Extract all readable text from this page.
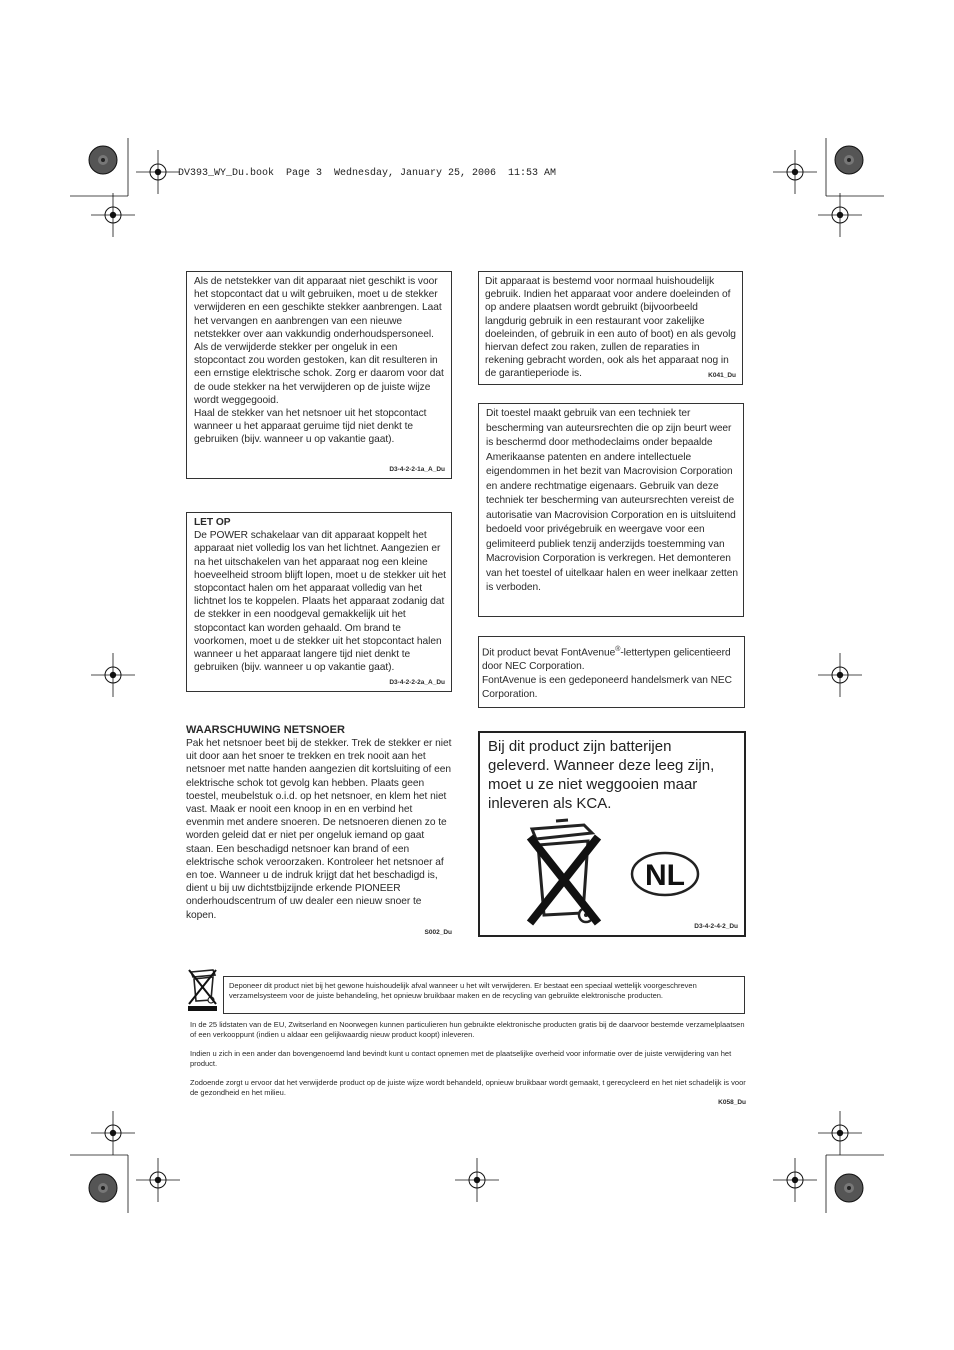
DV393_WY_Du.book  Page 3  Wednesday, January 25, 2006  11:53 AM

Als de netstekker van dit apparaat niet geschikt is voor het stopcontact dat u wilt gebruiken, moet u de stekker verwijderen en een geschikte stekker aanbrengen. Laat het vervangen en aanbrengen van een nieuwe netstekker over aan vakkundig onderhoudspersoneel. Als de verwijderde stekker per ongeluk in een stopcontact zou worden gestoken, kan dit resulteren in een ernstige elektrische schok. Zorg er daarom voor dat de oude stekker na het verwijderen op de juiste wijze wordt weggegooid.

Haal de stekker van het netsnoer uit het stopcontact wanneer u het apparaat geruime tijd niet denkt te gebruiken (bijv. wanneer u op vakantie gaat).

D3-4-2-2-1a_A_Du

LET OP

De POWER schakelaar van dit apparaat koppelt het apparaat niet volledig los van het lichtnet. Aangezien er na het uitschakelen van het apparaat nog een kleine hoeveelheid stroom blijft lopen, moet u de stekker uit het stopcontact halen om het apparaat volledig van het lichtnet los te koppelen. Plaats het apparaat zodanig dat de stekker in een noodgeval gemakkelijk uit het stopcontact kan worden gehaald. Om brand te voorkomen, moet u de stekker uit het stopcontact halen wanneer u het apparaat langere tijd niet denkt te gebruiken (bijv. wanneer u op vakantie gaat).

D3-4-2-2-2a_A_Du

WAARSCHUWING NETSNOER

Pak het netsnoer beet bij de stekker. Trek de stekker er niet uit door aan het snoer te trekken en trek nooit aan het netsnoer met natte handen aangezien dit kortsluiting of een elektrische schok tot gevolg kan hebben. Plaats geen toestel, meubelstuk o.i.d. op het netsnoer, en klem het niet vast. Maak er nooit een knoop in en en verbind het evenmin met andere snoeren. De netsnoeren dienen zo te worden geleid dat er niet per ongeluk iemand op gaat staan. Een beschadigd netsnoer kan brand of een elektrische schok veroorzaken. Kontroleer het netsnoer af en toe. Wanneer u de indruk krijgt dat het beschadigd is, dient u bij uw dichtstbijzijnde erkende PIONEER onderhoudscentrum of uw dealer een nieuw snoer te kopen.

S002_Du

Dit apparaat is bestemd voor normaal huishoudelijk gebruik. Indien het apparaat voor andere doeleinden of op andere plaatsen wordt gebruikt (bijvoorbeeld langdurig gebruik in een restaurant voor zakelijke doeleinden, of gebruik in een auto of boot) en als gevolg hiervan defect zou raken, zullen de reparaties in rekening gebracht worden, ook als het apparaat nog in de garantieperiode is.	K041_Du

Dit toestel maakt gebruik van een techniek ter bescherming van auteursrechten die op zijn beurt weer is beschermd door methodeclaims onder bepaalde Amerikaanse patenten en andere intellectuele eigendommen in het bezit van Macrovision Corporation en andere rechtmatige eigenaars. Gebruik van deze techniek ter bescherming van auteursrechten vereist de autorisatie van Macrovision Corporation en is uitsluitend bedoeld voor privégebruik en weergave voor een gelimiteerd publiek tenzij anderzijds toestemming van Macrovision Corporation is verkregen. Het demonteren van het toestel of uitelkaar halen en weer inelkaar zetten is verboden.

Dit product bevat FontAvenue®-lettertypen gelicentieerd door NEC Corporation.

FontAvenue is een gedeponeerd handelsmerk van NEC Corporation.

Bij dit product zijn batterijen geleverd. Wanneer deze leeg zijn, moet u ze niet weggooien maar inleveren als KCA.

NL
D3-4-2-4-2_Du

Deponeer dit product niet bij het gewone huishoudelijk afval wanneer u het wilt verwijderen. Er bestaat een speciaal wettelijk voorgeschreven verzamelsysteem voor de juiste behandeling, het opnieuw bruikbaar maken en de recycling van gebruikte elektronische producten.

In de 25 lidstaten van de EU, Zwitserland en Noorwegen kunnen particulieren hun gebruikte elektronische producten gratis bij de daarvoor bestemde verzamelplaatsen of een verkooppunt (indien u aldaar een gelijkwaardig nieuw product koopt) inleveren.

Indien u zich in een ander dan bovengenoemd land bevindt kunt u contact opnemen met de plaatselijke overheid voor informatie over de juiste verwijdering van het product.

Zodoende zorgt u ervoor dat het verwijderde product op de juiste wijze wordt behandeld, opnieuw bruikbaar wordt gemaakt, t gerecycleerd en het niet schadelijk is voor de gezondheid en het milieu.

K058_Du
